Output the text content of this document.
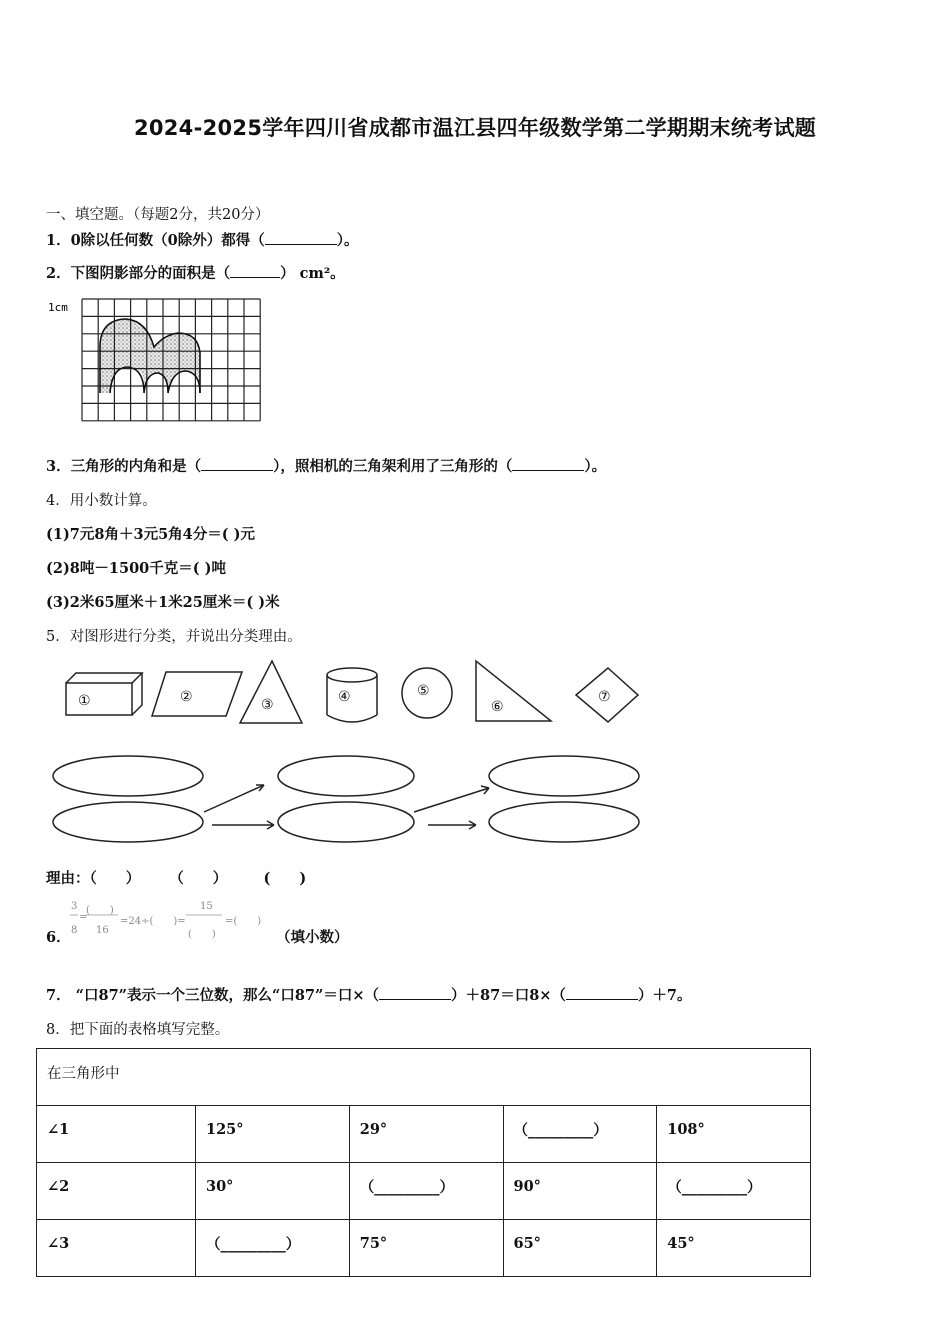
2024-2025学年四川省成都市温江县四年级数学第二学期期末统考试题
一、填空题。（每题2分，共20分）
1．0除以任何数（0除外）都得（	）。
2．下图阴影部分的面积是（	） cm²。
1cm
3．三角形的内角和是（	），照相机的三角架利用了三角形的（	）。
4．用小数计算。
(1)7元8角＋3元5角4分＝( )元
(2)8吨－1500千克＝( )吨
(3)2米65厘米＋1米25厘米＝( )米
5．对图形进行分类，并说出分类理由。
①	②	③	④	⑤
⑥
⑦
理由：（　　）　　　（　　）　　　(　　)
6．
3
8
=
(　　)
16
=24÷(　　)=
15
(　　)
=(　　)
（填小数）
7． “口87”表示一个三位数，那么“口87”＝口×（	）＋87＝口8×（	）＋7。
8．把下面的表格填写完整。
在三角形中				
∠1	125°	29°	（_________）	108°
∠2	30°	（_________）	90°	（_________）
∠3	（_________）	75°	65°	45°
